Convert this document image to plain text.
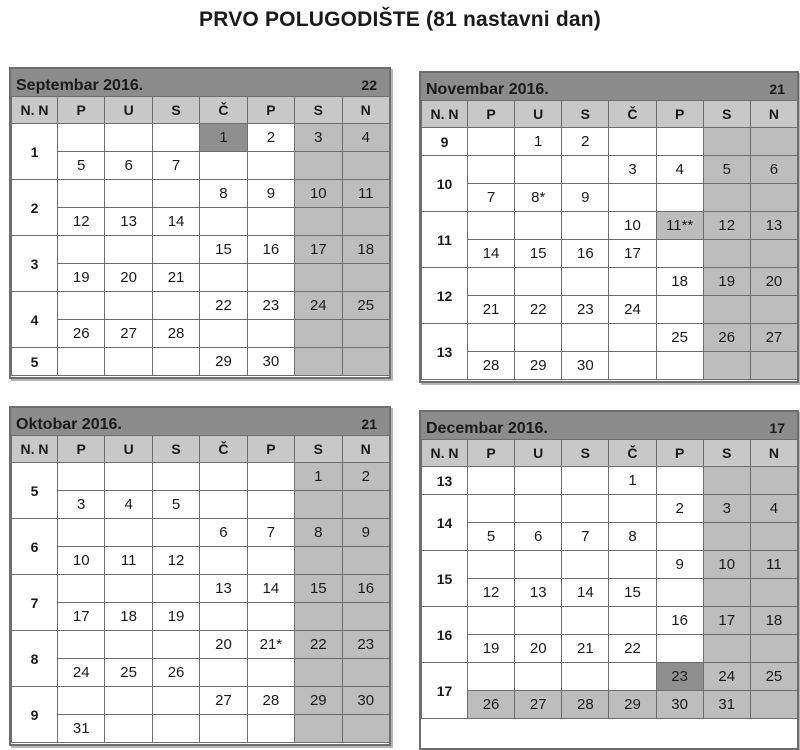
PRVO POLUGODIŠTE (81 nastavni dan)
Septembar 2016.	22
N. N	P	U	S	Č	P	S	N
1				1	2	3	4
	5	6	7				
2				8	9	10	11
	12	13	14				
3				15	16	17	18
	19	20	21				
4				22	23	24	25
	26	27	28				
5				29	30		
Novembar 2016.	21
N. N	P	U	S	Č	P	S	N
9		1	2				
10				3	4	5	6
	7	8*	9				
11				10	11**	12	13
	14	15	16	17			
12					18	19	20
	21	22	23	24			
13					25	26	27
	28	29	30				
Oktobar 2016.	21
N. N	P	U	S	Č	P	S	N
5						1	2
	3	4	5				
6				6	7	8	9
	10	11	12				
7				13	14	15	16
	17	18	19				
8				20	21*	22	23
	24	25	26				
9				27	28	29	30
	31						
Decembar 2016.	17
N. N	P	U	S	Č	P	S	N
13				1			
14					2	3	4
	5	6	7	8			
15					9	10	11
	12	13	14	15			
16					16	17	18
	19	20	21	22			
17					23	24	25
	26	27	28	29	30	31	
